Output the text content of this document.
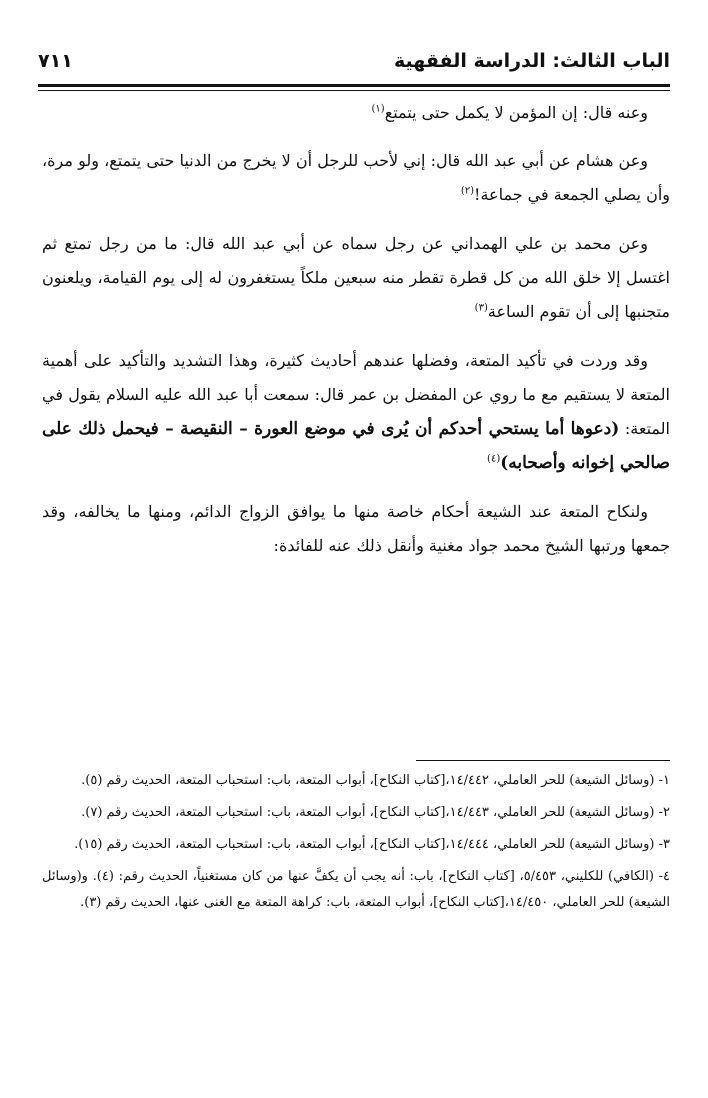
الباب الثالث: الدراسة الفقهية
٧١١

وعنه قال: إن المؤمن لا يكمل حتى يتمتع$^{(١)}$

وعن هشام عن أبي عبد الله قال: إني لأحب للرجل أن لا يخرج من الدنيا حتى يتمتع، ولو مرة، وأن يصلي الجمعة في جماعة!$^{(٢)}$

وعن محمد بن علي الهمداني عن رجل سماه عن أبي عبد الله قال: ما من رجل تمتع ثم اغتسل إلا خلق الله من كل قطرة تقطر منه سبعين ملكاً يستغفرون له إلى يوم القيامة، ويلعنون متجنبها إلى أن تقوم الساعة$^{(٣)}$

وقد وردت في تأكيد المتعة، وفضلها عندهم أحاديث كثيرة، وهذا التشديد والتأكيد على أهمية المتعة لا يستقيم مع ما روي عن المفضل بن عمر قال: سمعت أبا عبد الله عليه السلام يقول في المتعة: (دعوها أما يستحي أحدكم أن يُرى في موضع العورة – النقيصة – فيحمل ذلك على صالحي إخوانه وأصحابه)$^{(٤)}$

ولنكاح المتعة عند الشيعة أحكام خاصة منها ما يوافق الزواج الدائم، ومنها ما يخالفه، وقد جمعها ورتبها الشيخ محمد جواد مغنية وأنقل ذلك عنه للفائدة:

١- (وسائل الشيعة) للحر العاملي، ١٤/٤٤٢،[كتاب النكاح]، أبواب المتعة، باب: استحباب المتعة، الحديث رقم (٥).

٢- (وسائل الشيعة) للحر العاملي، ١٤/٤٤٣،[كتاب النكاح]، أبواب المتعة، باب: استحباب المتعة، الحديث رقم (٧).

٣- (وسائل الشيعة) للحر العاملي، ١٤/٤٤٤،[كتاب النكاح]، أبواب المتعة، باب: استحباب المتعة، الحديث رقم (١٥).

٤- (الكافي) للكليني، ٥/٤٥٣، [كتاب النكاح]، باب: أنه يجب أن يكفَّ عنها من كان مستغنياً، الحديث رقم: (٤). و(وسائل الشيعة) للحر العاملي، ١٤/٤٥٠،[كتاب النكاح]، أبواب المتعة، باب: كراهة المتعة مع الغنى عنها، الحديث رقم (٣).
